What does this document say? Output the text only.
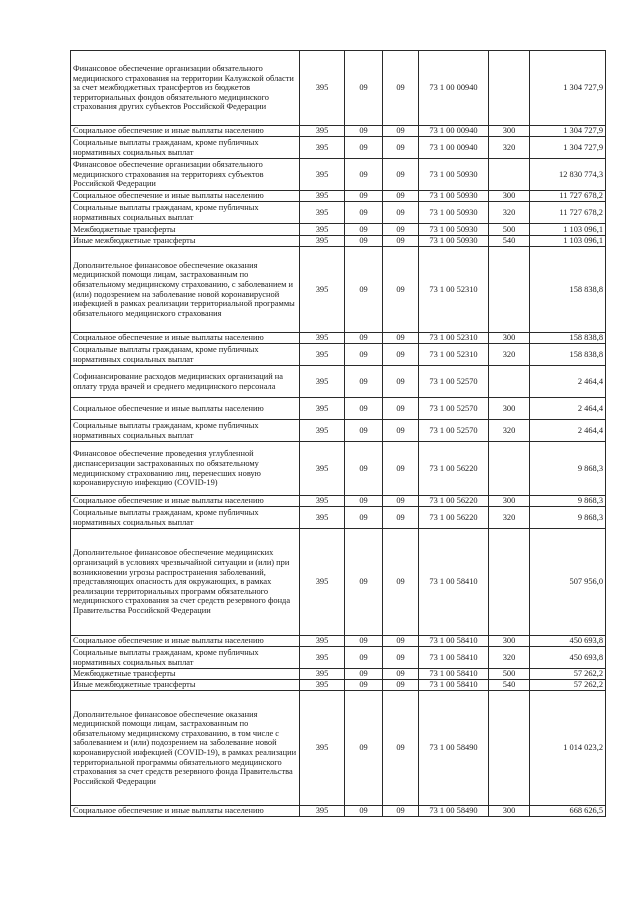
Финансовое обеспечение организации обязательного медицинского страхования на территории Калужской области за счет межбюджетных трансфертов из бюджетов территориальных фондов обязательного медицинского страхования других субъектов Российской Федерации	395	09	09	73 1 00 00940		1 304 727,9
Социальное обеспечение и иные выплаты населению	395	09	09	73 1 00 00940	300	1 304 727,9
Социальные выплаты гражданам, кроме публичных нормативных социальных выплат	395	09	09	73 1 00 00940	320	1 304 727,9
Финансовое обеспечение организации обязательного медицинского страхования на территориях субъектов Российской Федерации	395	09	09	73 1 00 50930		12 830 774,3
Социальное обеспечение и иные выплаты населению	395	09	09	73 1 00 50930	300	11 727 678,2
Социальные выплаты гражданам, кроме публичных нормативных социальных выплат	395	09	09	73 1 00 50930	320	11 727 678,2
Межбюджетные трансферты	395	09	09	73 1 00 50930	500	1 103 096,1
Иные межбюджетные трансферты	395	09	09	73 1 00 50930	540	1 103 096,1
Дополнительное финансовое обеспечение оказания медицинской помощи лицам, застрахованным по обязательному медицинскому страхованию, с заболеванием и (или) подозрением на заболевание новой коронавирусной инфекцией в рамках реализации территориальной программы обязательного медицинского страхования	395	09	09	73 1 00 52310		158 838,8
Социальное обеспечение и иные выплаты населению	395	09	09	73 1 00 52310	300	158 838,8
Социальные выплаты гражданам, кроме публичных нормативных социальных выплат	395	09	09	73 1 00 52310	320	158 838,8
Софинансирование расходов медицинских организаций на оплату труда врачей и среднего медицинского персонала	395	09	09	73 1 00 52570		2 464,4
Социальное обеспечение и иные выплаты населению	395	09	09	73 1 00 52570	300	2 464,4
Социальные выплаты гражданам, кроме публичных нормативных социальных выплат	395	09	09	73 1 00 52570	320	2 464,4
Финансовое обеспечение проведения углубленной диспансеризации застрахованных по обязательному медицинскому страхованию лиц, перенесших новую коронавирусную инфекцию (COVID-19)	395	09	09	73 1 00 56220		9 868,3
Социальное обеспечение и иные выплаты населению	395	09	09	73 1 00 56220	300	9 868,3
Социальные выплаты гражданам, кроме публичных нормативных социальных выплат	395	09	09	73 1 00 56220	320	9 868,3
Дополнительное финансовое обеспечение медицинских организаций в условиях чрезвычайной ситуации и (или) при возникновении угрозы распространения заболеваний, представляющих опасность для окружающих, в рамках реализации территориальных программ обязательного медицинского страхования за счет средств резервного фонда Правительства Российской Федерации	395	09	09	73 1 00 58410		507 956,0
Социальное обеспечение и иные выплаты населению	395	09	09	73 1 00 58410	300	450 693,8
Социальные выплаты гражданам, кроме публичных нормативных социальных выплат	395	09	09	73 1 00 58410	320	450 693,8
Межбюджетные трансферты	395	09	09	73 1 00 58410	500	57 262,2
Иные межбюджетные трансферты	395	09	09	73 1 00 58410	540	57 262,2
Дополнительное финансовое обеспечение оказания медицинской помощи лицам, застрахованным по обязательному медицинскому страхованию, в том числе с заболеванием и (или) подозрением на заболевание новой коронавирусной инфекцией (COVID-19), в рамках реализации территориальной программы обязательного медицинского страхования за счет средств резервного фонда Правительства Российской Федерации	395	09	09	73 1 00 58490		1 014 023,2
Социальное обеспечение и иные выплаты населению	395	09	09	73 1 00 58490	300	668 626,5
